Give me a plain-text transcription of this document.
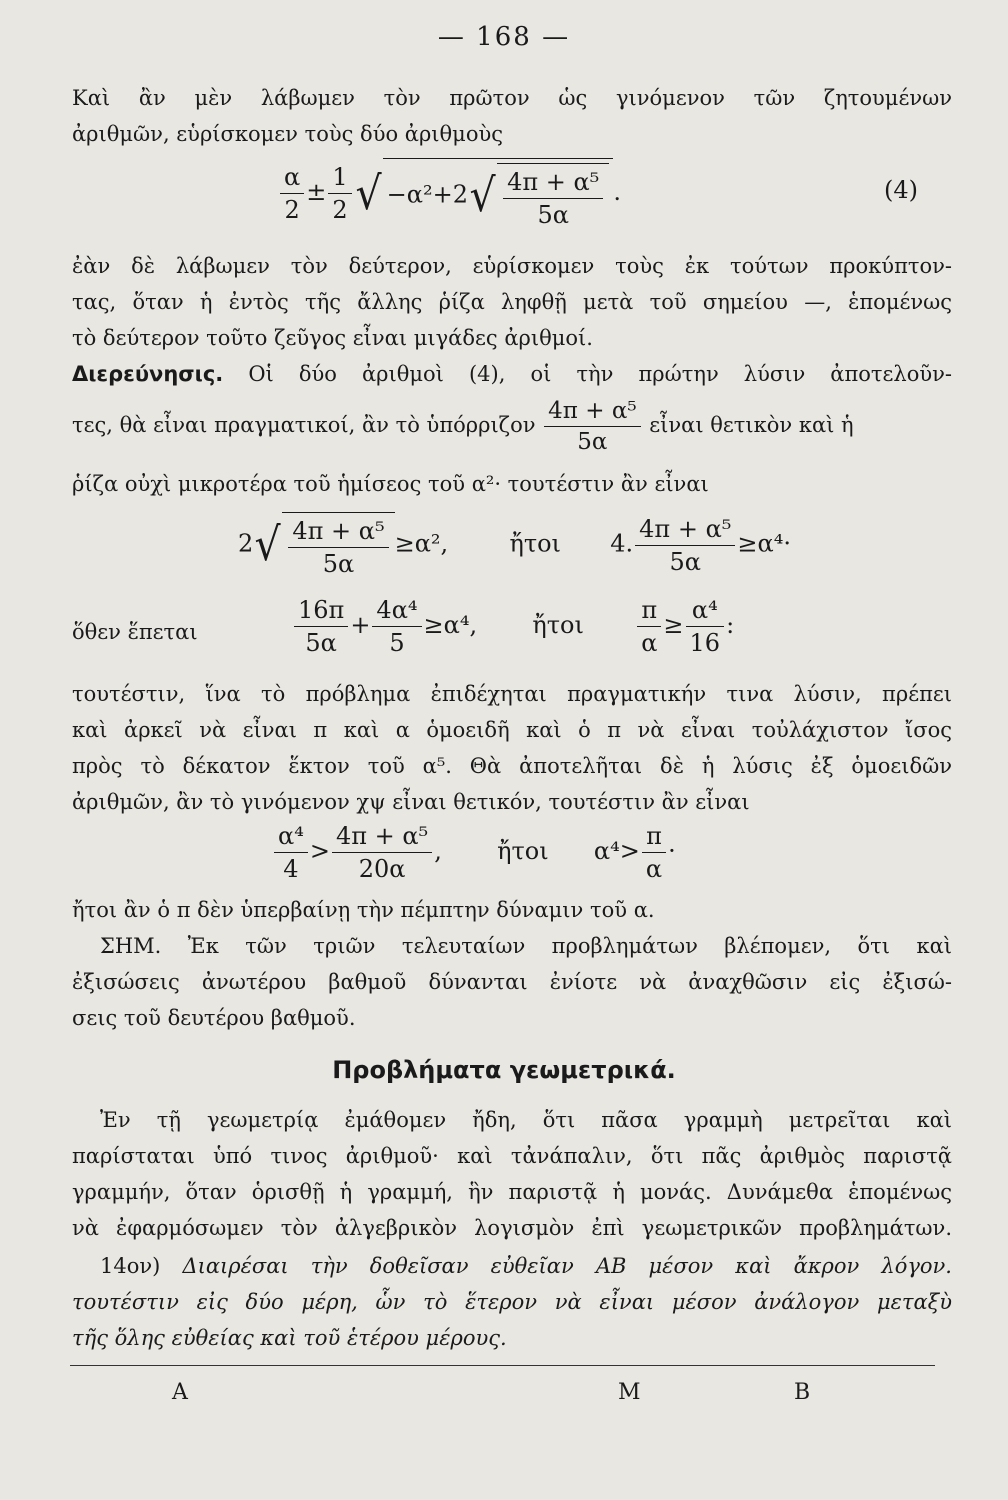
— 168 —
Καὶ ἂν μὲν λάβωμεν τὸν πρῶτον ὡς γινόμενον τῶν ζητουμένων
ἀριθμῶν, εὑρίσκομεν τοὺς δύο ἀριθμοὺς
$\frac{\alpha}{2} \pm \frac{1}{2}$ √ $-\alpha^2+2√ \frac{\text{4π + α⁵}}{5\alpha}$ .	(4)
ἐὰν δὲ λάβωμεν τὸν δεύτερον, εὑρίσκομεν τοὺς ἐκ τούτων προκύπτον-
τας, ὅταν ἡ ἐντὸς τῆς ἄλλης ῥίζα ληφθῇ μετὰ τοῦ σημείου —, ἑπομένως
τὸ δεύτερον τοῦτο ζεῦγος εἶναι μιγάδες ἀριθμοί.
Διερεύνησις. Οἱ δύο ἀριθμοὶ (4), οἱ τὴν πρώτην λύσιν ἀποτελοῦν-
τες, θὰ εἶναι πραγματικοί, ἂν τὸ ὑπόρριζον $\frac{\text{4π + α⁵}}{5\alpha}$ εἶναι θετικὸν καὶ ἡ
ῥίζα οὐχὶ μικροτέρα τοῦ ἡμίσεος τοῦ α²· τουτέστιν ἂν εἶναι
$2√ \frac{\text{4π + α⁵}}{5\alpha} \ge\alpha^2$,	ἤτοι 4. $\frac{\text{4π + α⁵}}{5\alpha} \ge\alpha^4\cdot$
ὅθεν ἕπεται	$\frac{16\pi}{5\alpha} + \frac{\text{4α⁴}}{5} \ge\alpha^4$, ἤτοι $\frac{\pi}{\alpha} \ge \frac{\text{α⁴}}{16}$ :
τουτέστιν, ἵνα τὸ πρόβλημα ἐπιδέχηται πραγματικήν τινα λύσιν, πρέπει
καὶ ἀρκεῖ νὰ εἶναι π καὶ α ὁμοειδῆ καὶ ὁ π νὰ εἶναι τοὐλάχιστον ἴσος
πρὸς τὸ δέκατον ἕκτον τοῦ α⁵. Θὰ ἀποτελῆται δὲ ἡ λύσις ἐξ ὁμοειδῶν
ἀριθμῶν, ἂν τὸ γινόμενον χψ εἶναι θετικόν, τουτέστιν ἂν εἶναι
$\frac{\text{α⁴}}{4} > \frac{\text{4π + α⁵}}{20\alpha}$ , ἤτοι $\alpha^4> \frac{\pi}{\alpha}$ ·
ἤτοι ἂν ὁ π δὲν ὑπερβαίνῃ τὴν πέμπτην δύναμιν τοῦ α.
ΣΗΜ. Ἐκ τῶν τριῶν τελευταίων προβλημάτων βλέπομεν, ὅτι καὶ
ἐξισώσεις ἀνωτέρου βαθμοῦ δύνανται ἐνίοτε νὰ ἀναχθῶσιν εἰς ἐξισώ-
σεις τοῦ δευτέρου βαθμοῦ.
Προβλήματα γεωμετρικά.
Ἐν τῇ γεωμετρίᾳ ἐμάθομεν ἤδη, ὅτι πᾶσα γραμμὴ μετρεῖται καὶ
παρίσταται ὑπό τινος ἀριθμοῦ· καὶ τἀνάπαλιν, ὅτι πᾶς ἀριθμὸς παριστᾷ
γραμμήν, ὅταν ὁρισθῇ ἡ γραμμή, ἣν παριστᾷ ἡ μονάς. Δυνάμεθα ἑπομένως
νὰ ἐφαρμόσωμεν τὸν ἀλγεβρικὸν λογισμὸν ἐπὶ γεωμετρικῶν προβλημάτων.
14ον) Διαιρέσαι τὴν δοθεῖσαν εὐθεῖαν ΑΒ μέσον καὶ ἄκρον λόγον.
τουτέστιν εἰς δύο μέρη, ὧν τὸ ἕτερον νὰ εἶναι μέσον ἀνάλογον μεταξὺ
τῆς ὅλης εὐθείας καὶ τοῦ ἑτέρου μέρους.
Α	Μ	Β
